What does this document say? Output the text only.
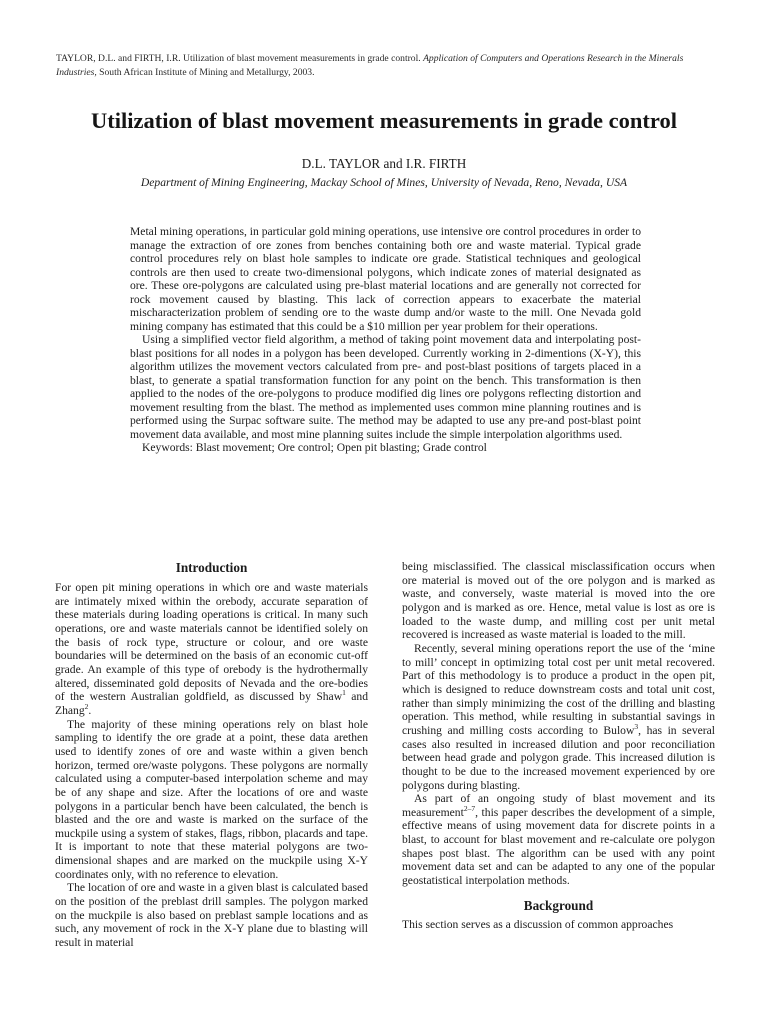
TAYLOR, D.L. and FIRTH, I.R. Utilization of blast movement measurements in grade control. Application of Computers and Operations Research in the Minerals Industries, South African Institute of Mining and Metallurgy, 2003.
Utilization of blast movement measurements in grade control
D.L. TAYLOR and I.R. FIRTH
Department of Mining Engineering, Mackay School of Mines, University of Nevada, Reno, Nevada, USA

Metal mining operations, in particular gold mining operations, use intensive ore control procedures in order to manage the extraction of ore zones from benches containing both ore and waste material. Typical grade control procedures rely on blast hole samples to indicate ore grade. Statistical techniques and geological controls are then used to create two-dimensional polygons, which indicate zones of material designated as ore. These ore-polygons are calculated using pre-blast material locations and are generally not corrected for rock movement caused by blasting. This lack of correction appears to exacerbate the material mischaracterization problem of sending ore to the waste dump and/or waste to the mill. One Nevada gold mining company has estimated that this could be a $10 million per year problem for their operations.

Using a simplified vector field algorithm, a method of taking point movement data and interpolating post-blast positions for all nodes in a polygon has been developed. Currently working in 2-dimentions (X-Y), this algorithm utilizes the movement vectors calculated from pre- and post-blast positions of targets placed in a blast, to generate a spatial transformation function for any point on the bench. This transformation is then applied to the nodes of the ore-polygons to produce modified dig lines ore polygons reflecting distortion and movement resulting from the blast. The method as implemented uses common mine planning routines and is performed using the Surpac software suite. The method may be adapted to use any pre-and post-blast point movement data available, and most mine planning suites include the simple interpolation algorithms used.

Keywords: Blast movement; Ore control; Open pit blasting; Grade control

Introduction

For open pit mining operations in which ore and waste materials are intimately mixed within the orebody, accurate separation of these materials during loading operations is critical. In many such operations, ore and waste materials cannot be identified solely on the basis of rock type, structure or colour, and ore waste boundaries will be determined on the basis of an economic cut-off grade. An example of this type of orebody is the hydrothermally altered, disseminated gold deposits of Nevada and the ore-bodies of the western Australian goldfield, as discussed by Shaw$^1$ and Zhang$^2$.

The majority of these mining operations rely on blast hole sampling to identify the ore grade at a point, these data arethen used to identify zones of ore and waste within a given bench horizon, termed ore/waste polygons. These polygons are normally calculated using a computer-based interpolation scheme and may be of any shape and size. After the locations of ore and waste polygons in a particular bench have been calculated, the bench is blasted and the ore and waste is marked on the surface of the muckpile using a system of stakes, flags, ribbon, placards and tape. It is important to note that these material polygons are two-dimensional shapes and are marked on the muckpile using X-Y coordinates only, with no reference to elevation.

The location of ore and waste in a given blast is calculated based on the position of the preblast drill samples. The polygon marked on the muckpile is also based on preblast sample locations and as such, any movement of rock in the X-Y plane due to blasting will result in material

being misclassified. The classical misclassification occurs when ore material is moved out of the ore polygon and is marked as waste, and conversely, waste material is moved into the ore polygon and is marked as ore. Hence, metal value is lost as ore is loaded to the waste dump, and milling cost per unit metal recovered is increased as waste material is loaded to the mill.

Recently, several mining operations report the use of the ‘mine to mill’ concept in optimizing total cost per unit metal recovered. Part of this methodology is to produce a product in the open pit, which is designed to reduce downstream costs and total unit cost, rather than simply minimizing the cost of the drilling and blasting operation. This method, while resulting in substantial savings in crushing and milling costs according to Bulow$^3$, has in several cases also resulted in increased dilution and poor reconciliation between head grade and polygon grade. This increased dilution is thought to be due to the increased movement experienced by ore polygons during blasting.

As part of an ongoing study of blast movement and its measurement$^{2-7}$, this paper describes the development of a simple, effective means of using movement data for discrete points in a blast, to account for blast movement and re-calculate ore polygon shapes post blast. The algorithm can be used with any point movement data set and can be adapted to any one of the popular geostatistical interpolation methods.

Background

This section serves as a discussion of common approaches
